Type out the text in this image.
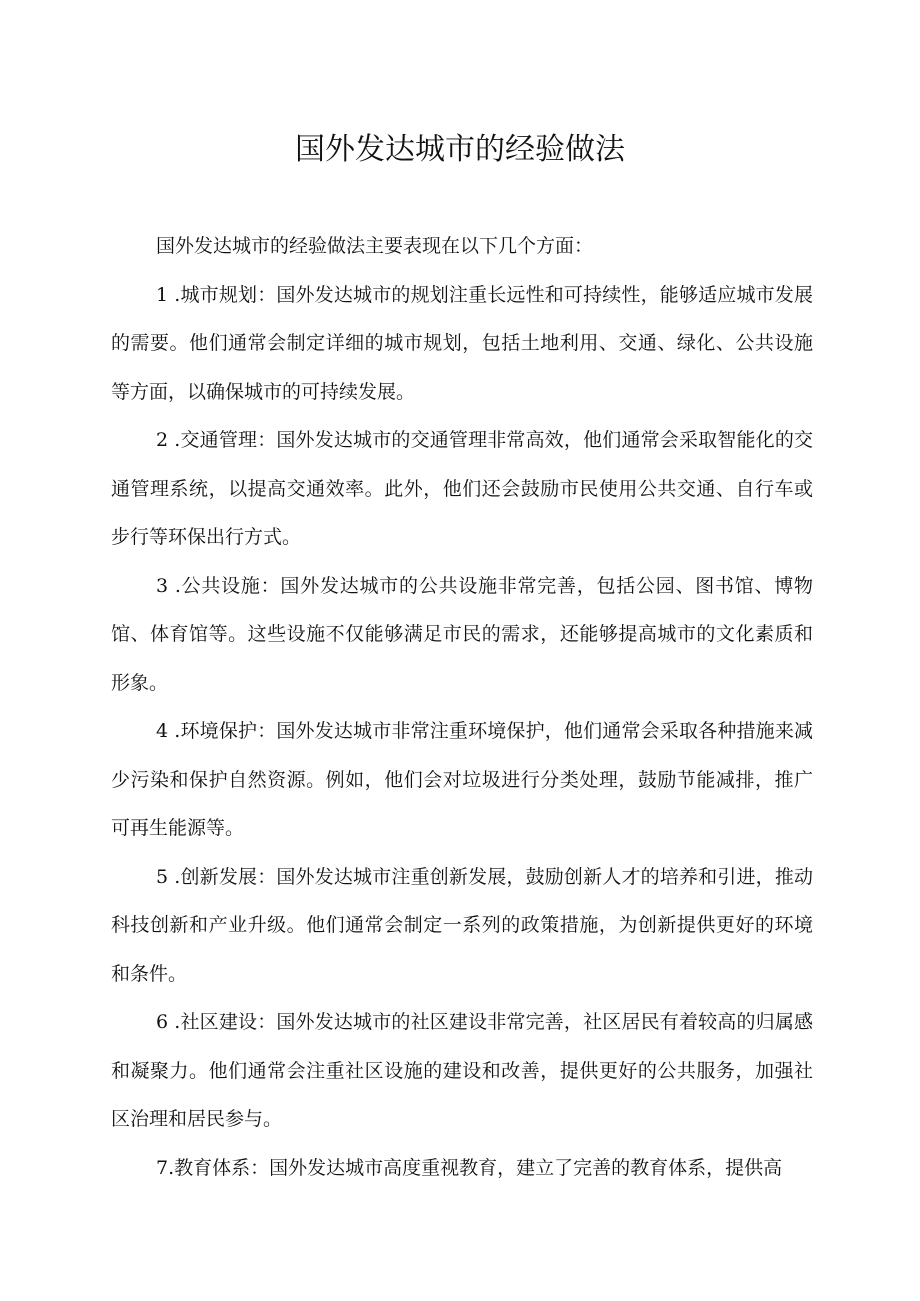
国外发达城市的经验做法

国外发达城市的经验做法主要表现在以下几个方面：

1 .城市规划：国外发达城市的规划注重长远性和可持续性，能够适应城市发展的需要。他们通常会制定详细的城市规划，包括土地利用、交通、绿化、公共设施等方面，以确保城市的可持续发展。

2 .交通管理：国外发达城市的交通管理非常高效，他们通常会采取智能化的交通管理系统，以提高交通效率。此外，他们还会鼓励市民使用公共交通、自行车或步行等环保出行方式。

3 .公共设施：国外发达城市的公共设施非常完善，包括公园、图书馆、博物馆、体育馆等。这些设施不仅能够满足市民的需求，还能够提高城市的文化素质和形象。

4 .环境保护：国外发达城市非常注重环境保护，他们通常会采取各种措施来减少污染和保护自然资源。例如，他们会对垃圾进行分类处理，鼓励节能减排，推广可再生能源等。

5 .创新发展：国外发达城市注重创新发展，鼓励创新人才的培养和引进，推动科技创新和产业升级。他们通常会制定一系列的政策措施，为创新提供更好的环境和条件。

6 .社区建设：国外发达城市的社区建设非常完善，社区居民有着较高的归属感和凝聚力。他们通常会注重社区设施的建设和改善，提供更好的公共服务，加强社区治理和居民参与。

7.教育体系：国外发达城市高度重视教育，建立了完善的教育体系，提供高
